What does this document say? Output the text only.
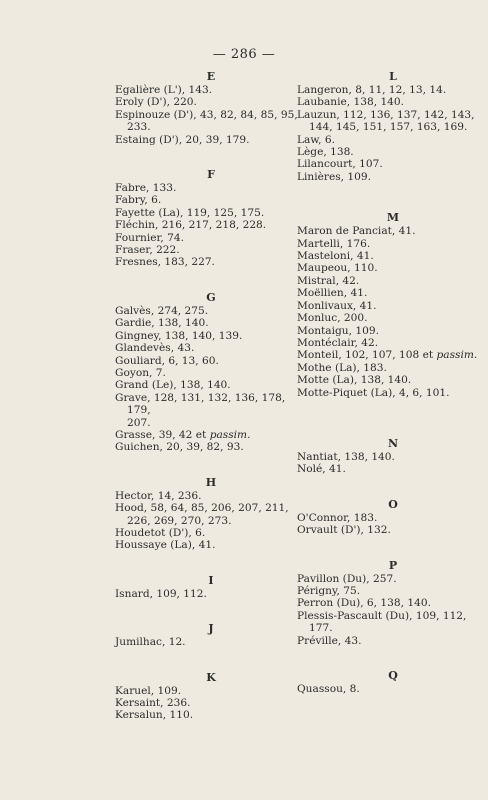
— 286 —
E
Egalière (L'), 143.
Eroly (D'), 220.
Espinouze (D'), 43, 82, 84, 85, 95,
233.
Estaing (D'), 20, 39, 179.
F
Fabre, 133.
Fabry, 6.
Fayette (La), 119, 125, 175.
Fléchin, 216, 217, 218, 228.
Fournier, 74.
Fraser, 222.
Fresnes, 183, 227.
G
Galvès, 274, 275.
Gardie, 138, 140.
Gingney, 138, 140, 139.
Glandevès, 43.
Gouliard, 6, 13, 60.
Goyon, 7.
Grand (Le), 138, 140.
Grave, 128, 131, 132, 136, 178, 179,
207.
Grasse, 39, 42 et passim.
Guichen, 20, 39, 82, 93.
H
Hector, 14, 236.
Hood, 58, 64, 85, 206, 207, 211,
226, 269, 270, 273.
Houdetot (D'), 6.
Houssaye (La), 41.
I
Isnard, 109, 112.
J
Jumilhac, 12.
K
Karuel, 109.
Kersaint, 236.
Kersalun, 110.
L
Langeron, 8, 11, 12, 13, 14.
Laubanie, 138, 140.
Lauzun, 112, 136, 137, 142, 143,
144, 145, 151, 157, 163, 169.
Law, 6.
Lège, 138.
Lilancourt, 107.
Linières, 109.
M
Maron de Panciat, 41.
Martelli, 176.
Masteloni, 41.
Maupeou, 110.
Mistral, 42.
Moëllien, 41.
Monlivaux, 41.
Monluc, 200.
Montaigu, 109.
Montéclair, 42.
Monteil, 102, 107, 108 et passim.
Mothe (La), 183.
Motte (La), 138, 140.
Motte-Piquet (La), 4, 6, 101.
N
Nantiat, 138, 140.
Nolé, 41.
O
O'Connor, 183.
Orvault (D'), 132.
P
Pavillon (Du), 257.
Périgny, 75.
Perron (Du), 6, 138, 140.
Plessis-Pascault (Du), 109, 112, 177.
Préville, 43.
Q
Quassou, 8.
